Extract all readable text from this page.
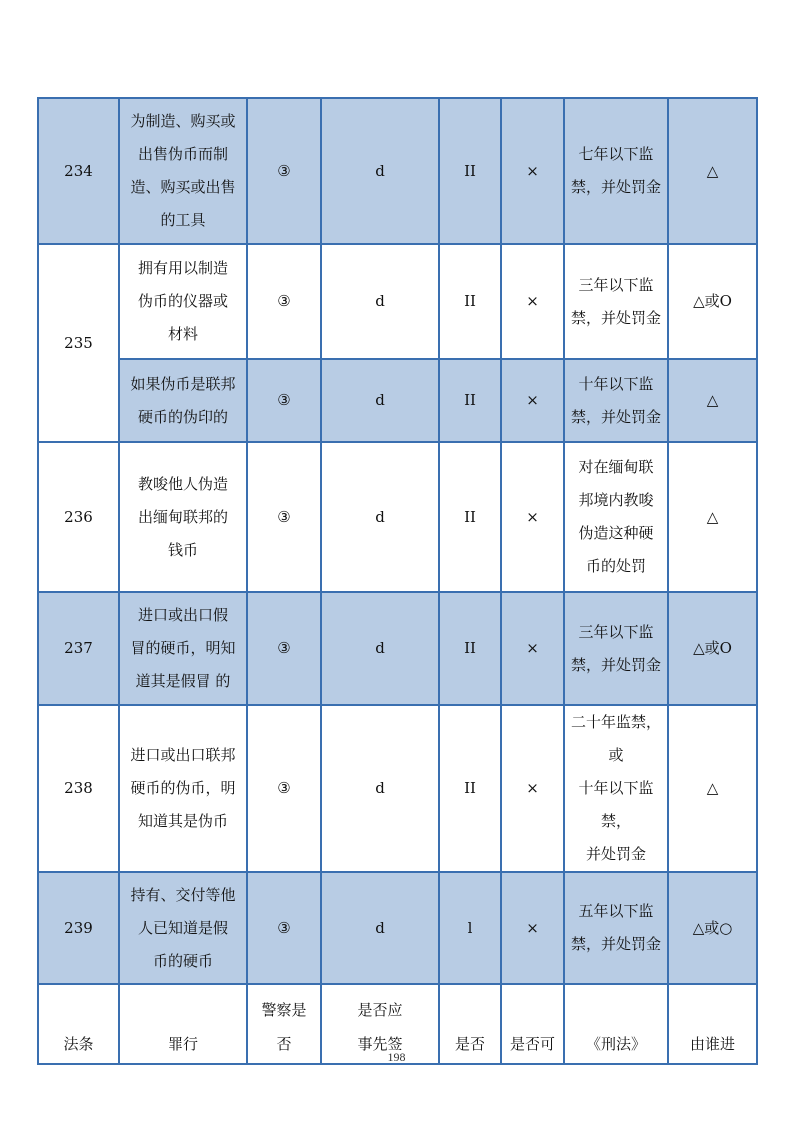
234	为制造、购买或
出售伪币而制
造、购买或出售
的工具	③	d	II	×	七年以下监
禁，并处罚金	△
235	拥有用以制造
伪币的仪器或
材料	③	d	II	×	三年以下监
禁，并处罚金	△或O
	如果伪币是联邦
硬币的伪印的	③	d	II	×	十年以下监
禁，并处罚金	△
236	教唆他人伪造
出缅甸联邦的
钱币	③	d	II	×	对在缅甸联
邦境内教唆
伪造这种硬
币的处罚	△
237	进口或出口假
冒的硬币，明知
道其是假冒 的	③	d	II	×	三年以下监
禁，并处罚金	△或O
238	进口或出口联邦
硬币的伪币，明
知道其是伪币	③	d	II	×	二十年监禁，或
十年以下监禁，
并处罚金	△
239	持有、交付等他
人已知道是假
币的硬币	③	d	l	×	五年以下监
禁，并处罚金	△或○
法条	罪行	警察是
否	是否应
事先签	是否	是否可	《刑法》	由谁进
198
